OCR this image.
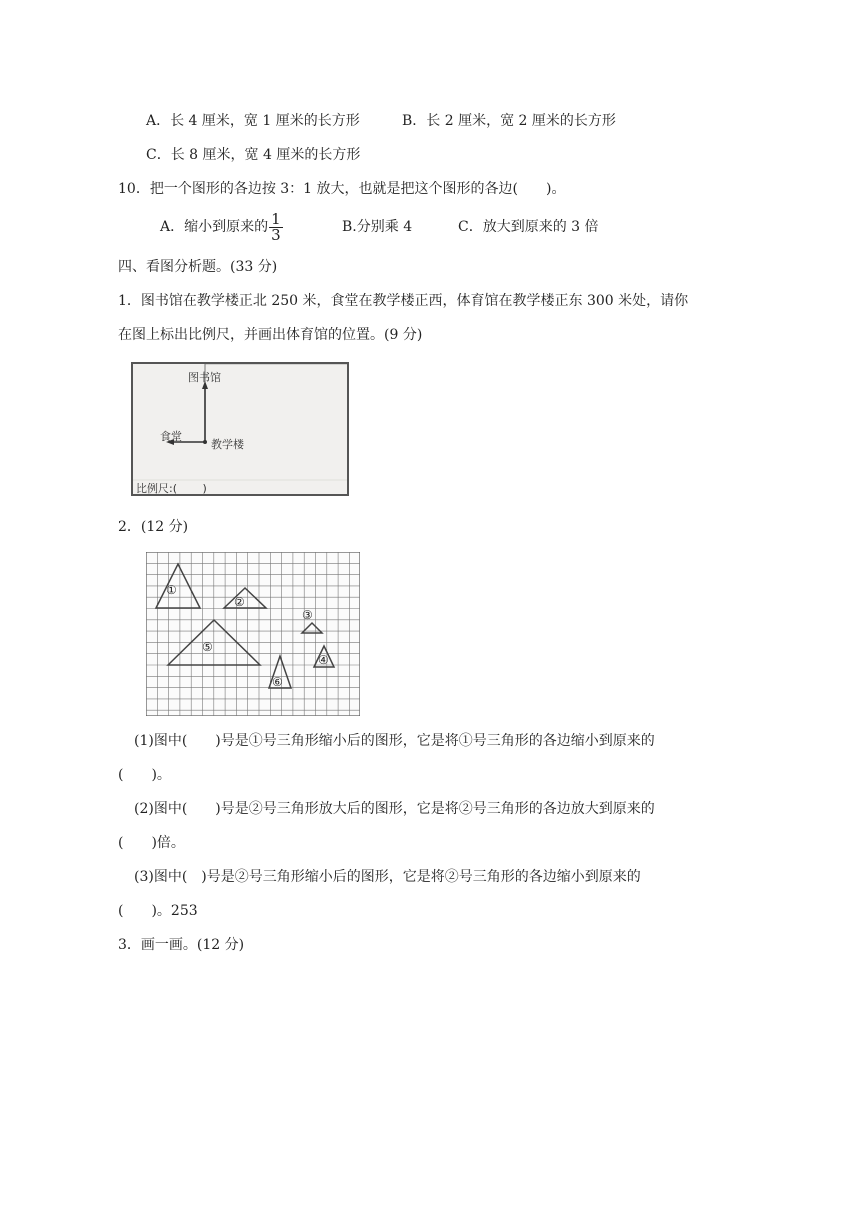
A．长 4 厘米，宽 1 厘米的长方形	B．长 2 厘米，宽 2 厘米的长方形
C．长 8 厘米，宽 4 厘米的长方形
10．把一个图形的各边按 3：1 放大，也就是把这个图形的各边(　　)。
A．缩小到原来的 $\frac{1}{3}$	B.分别乘 4	C．放大到原来的 3 倍
四、看图分析题。(33 分)
1．图书馆在教学楼正北 250 米，食堂在教学楼正西，体育馆在教学楼正东 300 米处，请你
在图上标出比例尺，并画出体育馆的位置。(9 分)
图书馆
食堂
教学楼
比例尺:(　　 )
2．(12 分)
①
②
③
④
⑤
⑥
(1)图中(　　)号是①号三角形缩小后的图形，它是将①号三角形的各边缩小到原来的
(　　)。
(2)图中(　　)号是②号三角形放大后的图形，它是将②号三角形的各边放大到原来的
(　　)倍。
(3)图中(　)号是②号三角形缩小后的图形，它是将②号三角形的各边缩小到原来的
(　　)。253
3．画一画。(12 分)
